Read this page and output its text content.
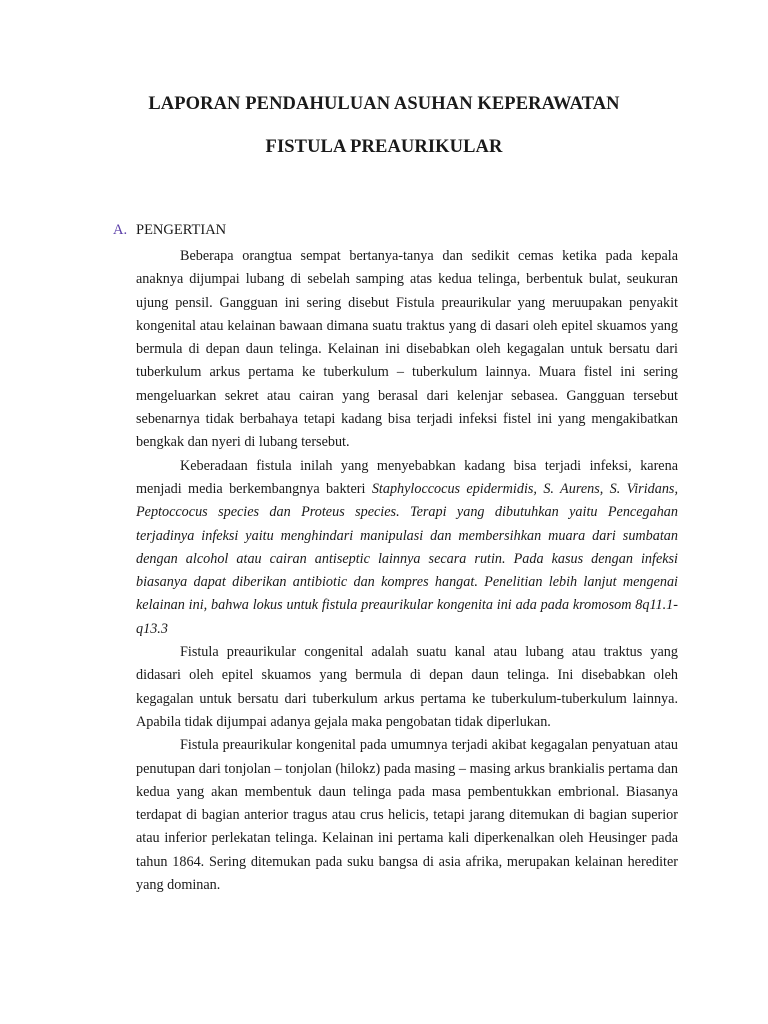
LAPORAN PENDAHULUAN ASUHAN KEPERAWATAN
FISTULA PREAURIKULAR
A. PENGERTIAN

Beberapa orangtua sempat bertanya-tanya dan sedikit cemas ketika pada kepala anaknya dijumpai lubang di sebelah samping atas kedua telinga, berbentuk bulat, seukuran ujung pensil. Gangguan ini sering disebut Fistula preaurikular yang meruupakan penyakit kongenital atau kelainan bawaan dimana suatu traktus yang di dasari oleh epitel skuamos yang bermula di depan daun telinga. Kelainan ini disebabkan oleh kegagalan untuk bersatu dari tuberkulum arkus pertama ke tuberkulum – tuberkulum lainnya. Muara fistel ini sering mengeluarkan sekret atau cairan yang berasal dari kelenjar sebasea. Gangguan tersebut sebenarnya tidak berbahaya tetapi kadang bisa terjadi infeksi fistel ini yang mengakibatkan bengkak dan nyeri di lubang tersebut.

Keberadaan fistula inilah yang menyebabkan kadang bisa terjadi infeksi, karena menjadi media berkembangnya bakteri Staphyloccocus epidermidis, S. Aurens, S. Viridans, Peptoccocus species dan Proteus species. Terapi yang dibutuhkan yaitu Pencegahan terjadinya infeksi yaitu menghindari manipulasi dan membersihkan muara dari sumbatan dengan alcohol atau cairan antiseptic lainnya secara rutin. Pada kasus dengan infeksi biasanya dapat diberikan antibiotic dan kompres hangat. Penelitian lebih lanjut mengenai kelainan ini, bahwa lokus untuk fistula preaurikular kongenita ini ada pada kromosom 8q11.1-q13.3

Fistula preaurikular congenital adalah suatu kanal atau lubang atau traktus yang didasari oleh epitel skuamos yang bermula di depan daun telinga. Ini disebabkan oleh kegagalan untuk bersatu dari tuberkulum arkus pertama ke tuberkulum-tuberkulum lainnya. Apabila tidak dijumpai adanya gejala maka pengobatan tidak diperlukan.

Fistula preaurikular kongenital pada umumnya terjadi akibat kegagalan penyatuan atau penutupan dari tonjolan – tonjolan (hilokz) pada masing – masing arkus brankialis pertama dan kedua yang akan membentuk daun telinga pada masa pembentukkan embrional. Biasanya terdapat di bagian anterior tragus atau crus helicis, tetapi jarang ditemukan di bagian superior atau inferior perlekatan telinga. Kelainan ini pertama kali diperkenalkan oleh Heusinger pada tahun 1864. Sering ditemukan pada suku bangsa di asia afrika, merupakan kelainan herediter yang dominan.
